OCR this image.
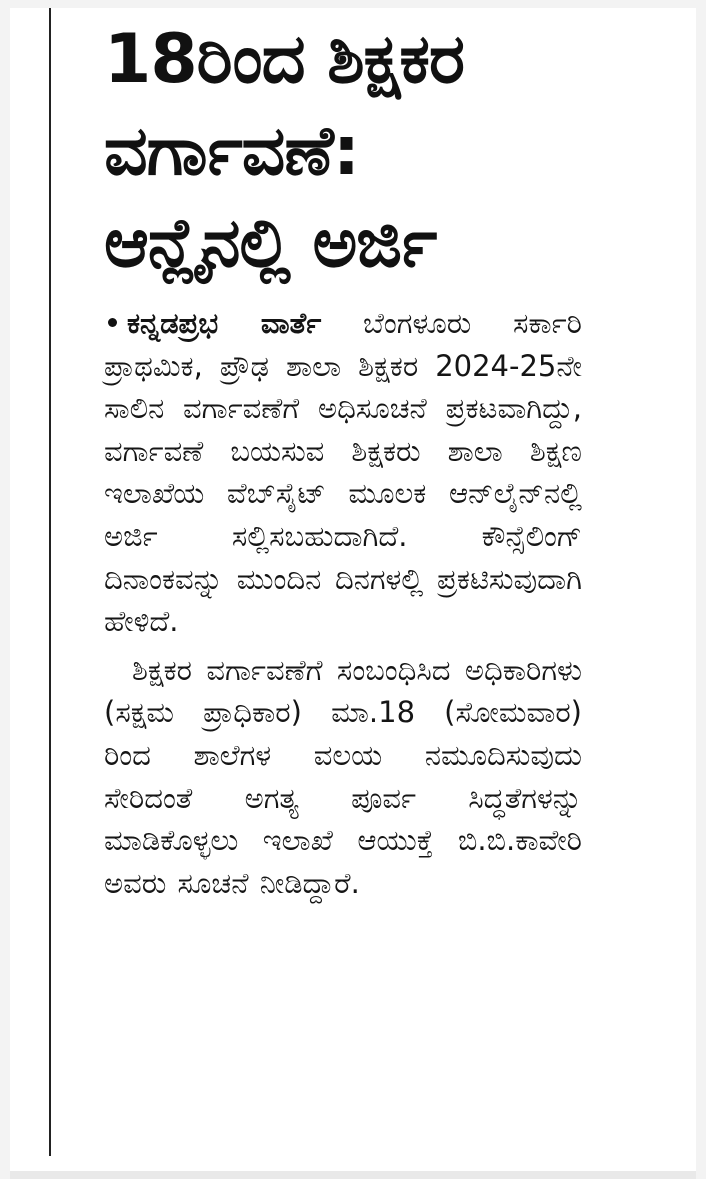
18ರಿಂದ ಶಿಕ್ಷಕರ
ವರ್ಗಾವಣೆ:
ಆನ್ಲೈನಲ್ಲಿ ಅರ್ಜಿ

ಕನ್ನಡಪ್ರಭ ವಾರ್ತೆ ಬೆಂಗಳೂರು ಸರ್ಕಾರಿ ಪ್ರಾಥಮಿಕ, ಪ್ರೌಢ ಶಾಲಾ ಶಿಕ್ಷಕರ 2024-25ನೇ ಸಾಲಿನ ವರ್ಗಾವಣೆಗೆ ಅಧಿಸೂಚನೆ ಪ್ರಕಟವಾಗಿದ್ದು, ವರ್ಗಾವಣೆ ಬಯಸುವ ಶಿಕ್ಷಕರು ಶಾಲಾ ಶಿಕ್ಷಣ ಇಲಾಖೆಯ ವೆಬ್‌ಸೈಟ್ ಮೂಲಕ ಆನ್‌ಲೈನ್‌ನಲ್ಲಿ ಅರ್ಜಿ ಸಲ್ಲಿಸಬಹುದಾಗಿದೆ. ಕೌನ್ಸೆಲಿಂಗ್ ದಿನಾಂಕವನ್ನು ಮುಂದಿನ ದಿನಗಳಲ್ಲಿ ಪ್ರಕಟಿಸುವುದಾಗಿ ಹೇಳಿದೆ.

ಶಿಕ್ಷಕರ ವರ್ಗಾವಣೆಗೆ ಸಂಬಂಧಿಸಿದ ಅಧಿಕಾರಿಗಳು (ಸಕ್ಷಮ ಪ್ರಾಧಿಕಾರ) ಮಾ.18 (ಸೋಮವಾರ) ರಿಂದ ಶಾಲೆಗಳ ವಲಯ ನಮೂದಿಸುವುದು ಸೇರಿದಂತೆ ಅಗತ್ಯ ಪೂರ್ವ ಸಿದ್ಧತೆಗಳನ್ನು ಮಾಡಿಕೊಳ್ಳಲು ಇಲಾಖೆ ಆಯುಕ್ತೆ ಬಿ.ಬಿ.ಕಾವೇರಿ ಅವರು ಸೂಚನೆ ನೀಡಿದ್ದಾರೆ.
